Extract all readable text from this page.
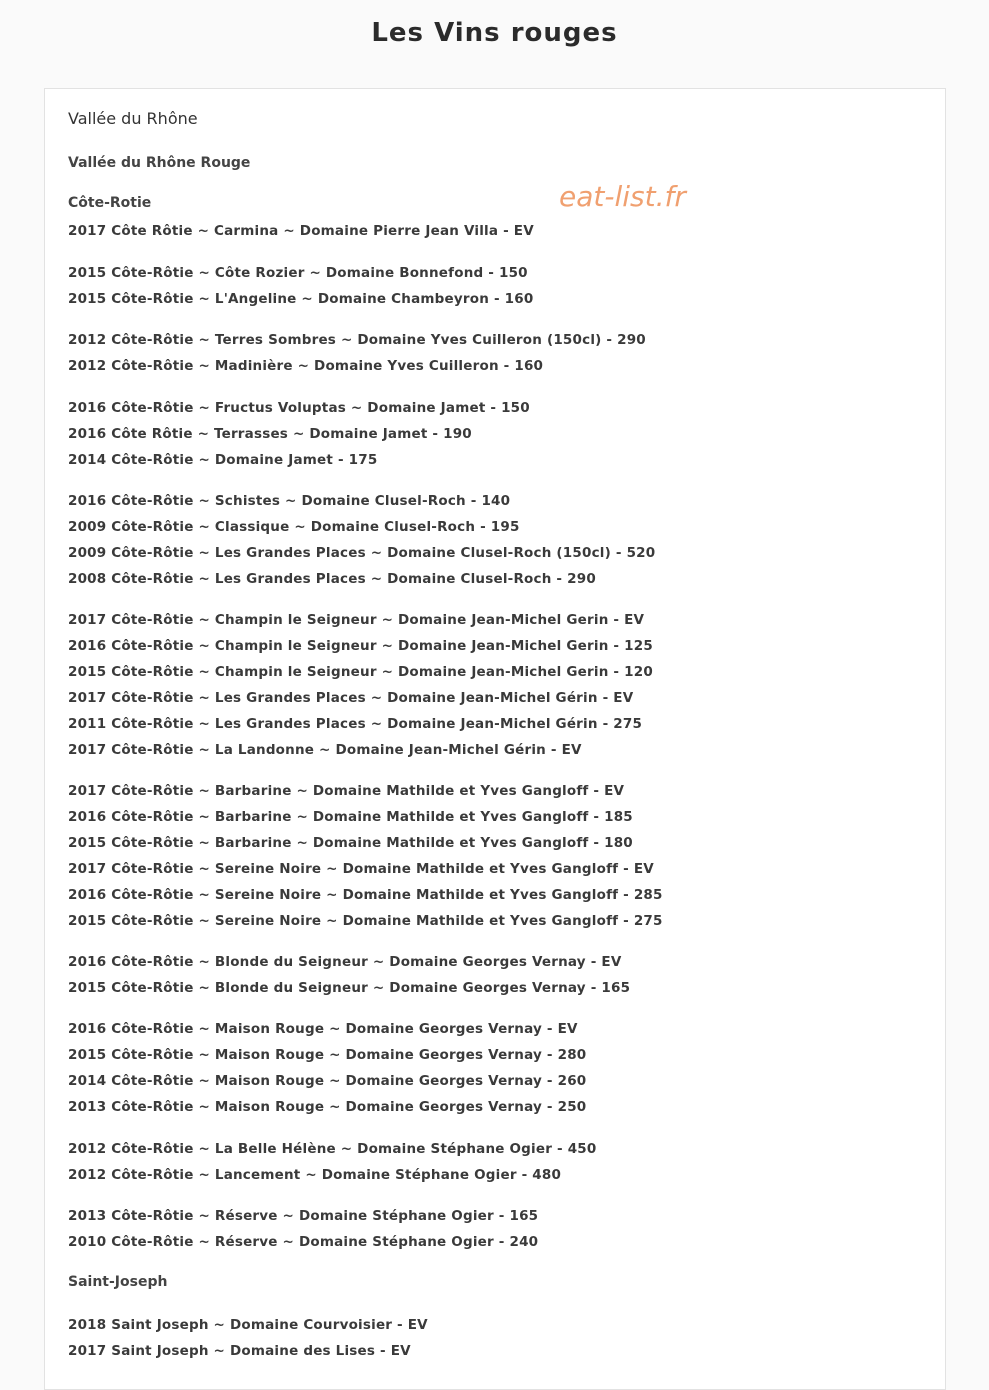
Les Vins rouges
Vallée du Rhône
Vallée du Rhône Rouge
Côte-Rotie
2017 Côte Rôtie ~ Carmina ~ Domaine Pierre Jean Villa - EV
2015 Côte-Rôtie ~ Côte Rozier ~ Domaine Bonnefond - 150
2015 Côte-Rôtie ~ L'Angeline ~ Domaine Chambeyron - 160
2012 Côte-Rôtie ~ Terres Sombres ~ Domaine Yves Cuilleron (150cl) - 290
2012 Côte-Rôtie ~ Madinière ~ Domaine Yves Cuilleron - 160
2016 Côte-Rôtie ~ Fructus Voluptas ~ Domaine Jamet - 150
2016 Côte Rôtie ~ Terrasses ~ Domaine Jamet - 190
2014 Côte-Rôtie ~ Domaine Jamet - 175
2016 Côte-Rôtie ~ Schistes ~ Domaine Clusel-Roch - 140
2009 Côte-Rôtie ~ Classique ~ Domaine Clusel-Roch - 195
2009 Côte-Rôtie ~ Les Grandes Places ~ Domaine Clusel-Roch (150cl) - 520
2008 Côte-Rôtie ~ Les Grandes Places ~ Domaine Clusel-Roch - 290
2017 Côte-Rôtie ~ Champin le Seigneur ~ Domaine Jean-Michel Gerin - EV
2016 Côte-Rôtie ~ Champin le Seigneur ~ Domaine Jean-Michel Gerin - 125
2015 Côte-Rôtie ~ Champin le Seigneur ~ Domaine Jean-Michel Gerin - 120
2017 Côte-Rôtie ~ Les Grandes Places ~ Domaine Jean-Michel Gérin - EV
2011 Côte-Rôtie ~ Les Grandes Places ~ Domaine Jean-Michel Gérin - 275
2017 Côte-Rôtie ~ La Landonne ~ Domaine Jean-Michel Gérin - EV
2017 Côte-Rôtie ~ Barbarine ~ Domaine Mathilde et Yves Gangloff - EV
2016 Côte-Rôtie ~ Barbarine ~ Domaine Mathilde et Yves Gangloff - 185
2015 Côte-Rôtie ~ Barbarine ~ Domaine Mathilde et Yves Gangloff - 180
2017 Côte-Rôtie ~ Sereine Noire ~ Domaine Mathilde et Yves Gangloff - EV
2016 Côte-Rôtie ~ Sereine Noire ~ Domaine Mathilde et Yves Gangloff - 285
2015 Côte-Rôtie ~ Sereine Noire ~ Domaine Mathilde et Yves Gangloff - 275
2016 Côte-Rôtie ~ Blonde du Seigneur ~ Domaine Georges Vernay - EV
2015 Côte-Rôtie ~ Blonde du Seigneur ~ Domaine Georges Vernay - 165
2016 Côte-Rôtie ~ Maison Rouge ~ Domaine Georges Vernay - EV
2015 Côte-Rôtie ~ Maison Rouge ~ Domaine Georges Vernay - 280
2014 Côte-Rôtie ~ Maison Rouge ~ Domaine Georges Vernay - 260
2013 Côte-Rôtie ~ Maison Rouge ~ Domaine Georges Vernay - 250
2012 Côte-Rôtie ~ La Belle Hélène ~ Domaine Stéphane Ogier - 450
2012 Côte-Rôtie ~ Lancement ~ Domaine Stéphane Ogier - 480
2013 Côte-Rôtie ~ Réserve ~ Domaine Stéphane Ogier - 165
2010 Côte-Rôtie ~ Réserve ~ Domaine Stéphane Ogier - 240
Saint-Joseph
2018 Saint Joseph ~ Domaine Courvoisier - EV
2017 Saint Joseph ~ Domaine des Lises - EV
eat-list.fr
